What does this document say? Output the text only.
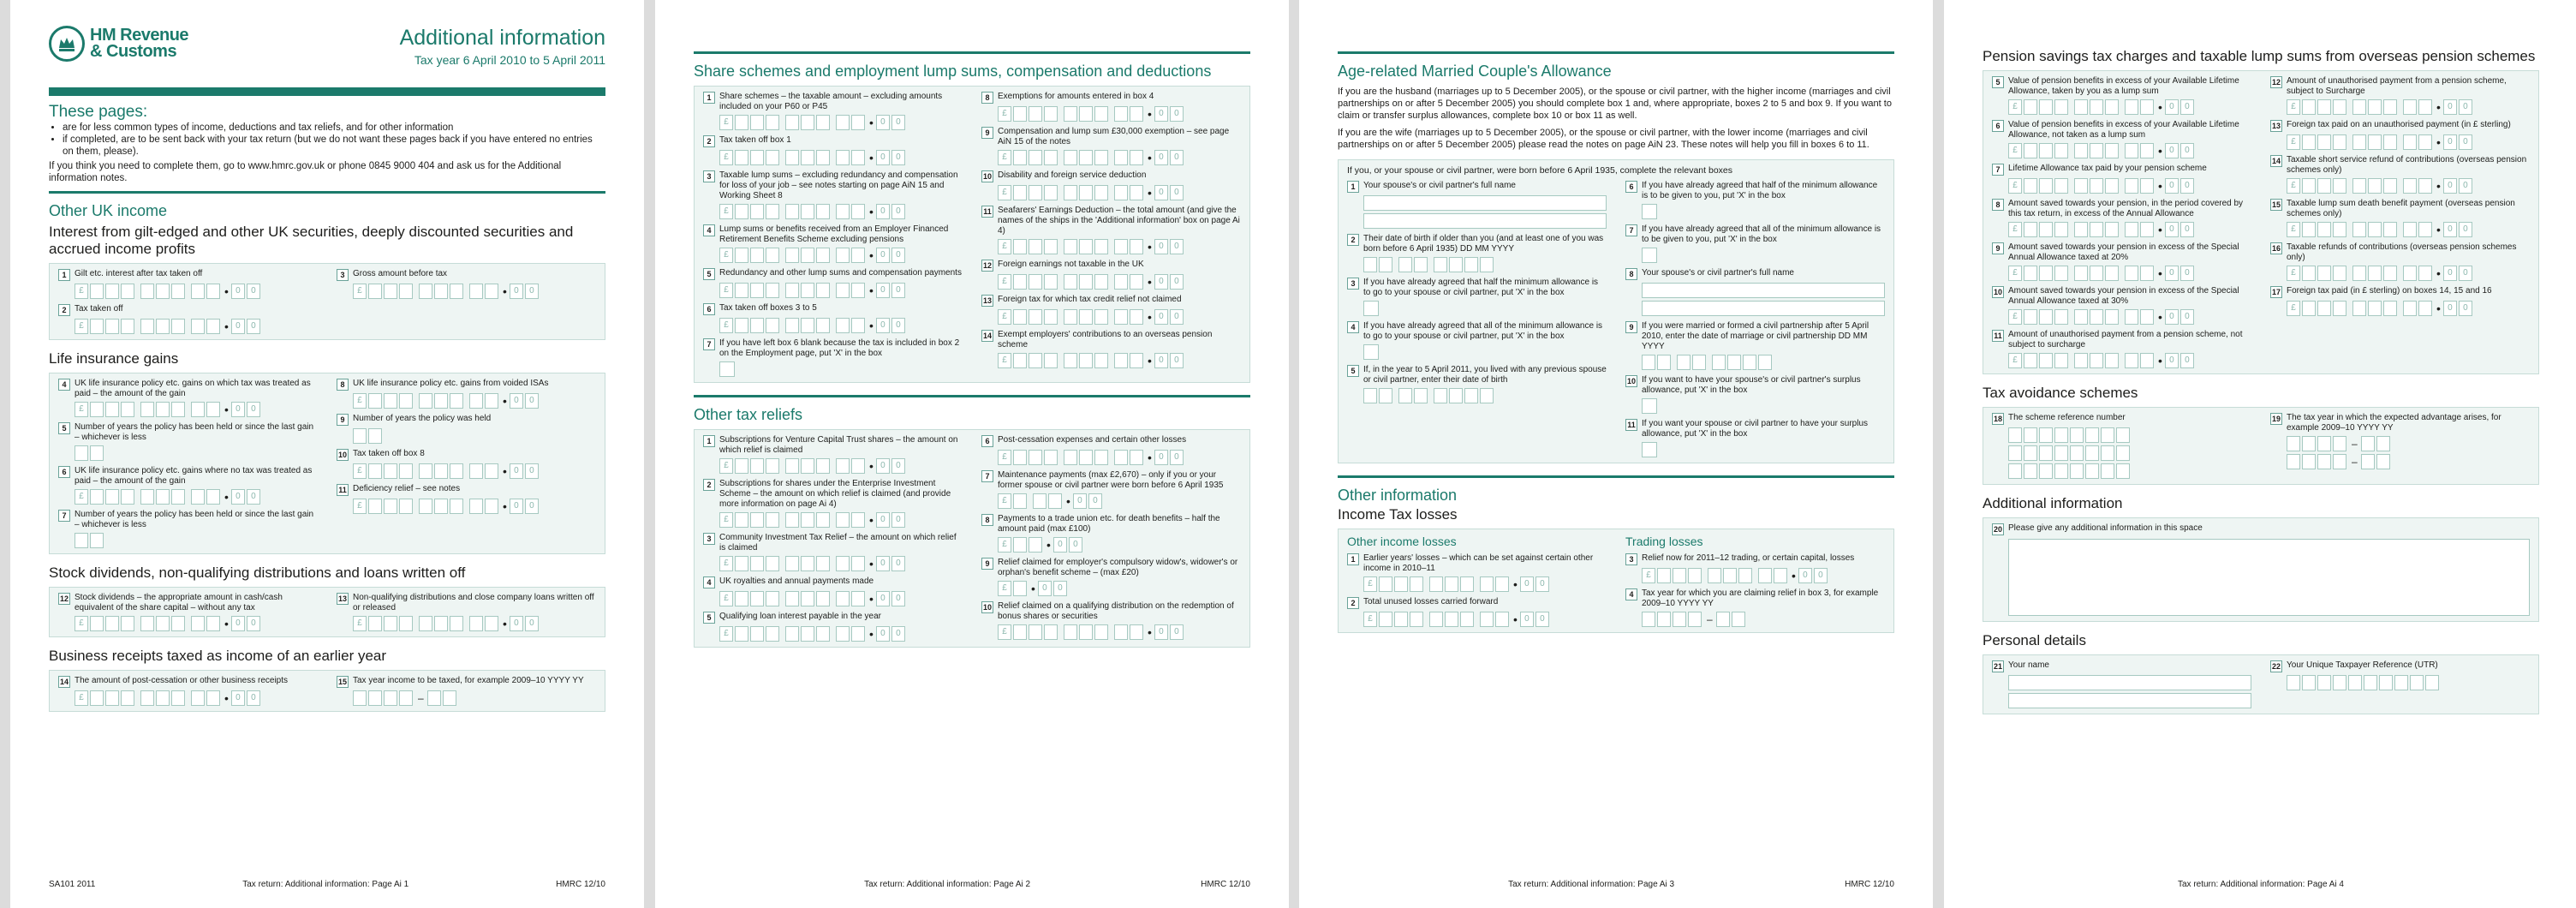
HM Revenue
& Customs
Additional information
Tax year 6 April 2010 to 5 April 2011
These pages:
• are for less common types of income, deductions and tax reliefs, and for other information
• if completed, are to be sent back with your tax return (but we do not want these pages back if you have entered no entries on them, please).

If you think you need to complete them, go to www.hmrc.gov.uk or phone 0845 9000 404 and ask us for the Additional information notes.

Other UK income
Interest from gilt-edged and other UK securities, deeply discounted securities and accrued income profits
1 Gilt etc. interest after tax taken off
£	• 0	0
2 Tax taken off
£	• 0	0
3 Gross amount before tax
£	• 0	0
Life insurance gains
4 UK life insurance policy etc. gains on which tax was treated as paid – the amount of the gain
£	• 0	0
5 Number of years the policy has been held or since the last gain – whichever is less
6 UK life insurance policy etc. gains where no tax was treated as paid – the amount of the gain
£	• 0	0
7 Number of years the policy has been held or since the last gain – whichever is less
8 UK life insurance policy etc. gains from voided ISAs
£	• 0	0
9 Number of years the policy was held
10 Tax taken off box 8
£	• 0	0
11 Deficiency relief – see notes
£	• 0	0
Stock dividends, non-qualifying distributions and loans written off
12 Stock dividends – the appropriate amount in cash/cash equivalent of the share capital – without any tax
£	• 0	0
13 Non-qualifying distributions and close company loans written off or released
£	• 0	0
Business receipts taxed as income of an earlier year
14 The amount of post-cessation or other business receipts
£	• 0	0
15 Tax year income to be taxed, for example 2009–10 YYYY YY
–
SA101 2011	Tax return: Additional information: Page Ai 1	HMRC 12/10
Share schemes and employment lump sums, compensation and deductions
1 Share schemes – the taxable amount – excluding amounts included on your P60 or P45
£	• 0	0
2 Tax taken off box 1
£	• 0	0
3 Taxable lump sums – excluding redundancy and compensation for loss of your job – see notes starting on page AiN 15 and Working Sheet 8
£	• 0	0
4 Lump sums or benefits received from an Employer Financed Retirement Benefits Scheme excluding pensions
£	• 0	0
5 Redundancy and other lump sums and compensation payments
£	• 0	0
6 Tax taken off boxes 3 to 5
£	• 0	0
7 If you have left box 6 blank because the tax is included in box 2 on the Employment page, put 'X' in the box
8 Exemptions for amounts entered in box 4
£	• 0	0
9 Compensation and lump sum £30,000 exemption – see page AiN 15 of the notes
£	• 0	0
10 Disability and foreign service deduction
£	• 0	0
11 Seafarers' Earnings Deduction – the total amount (and give the names of the ships in the 'Additional information' box on page Ai 4)
£	• 0	0
12 Foreign earnings not taxable in the UK
£	• 0	0
13 Foreign tax for which tax credit relief not claimed
£	• 0	0
14 Exempt employers' contributions to an overseas pension scheme
£	• 0	0
Other tax reliefs
1 Subscriptions for Venture Capital Trust shares – the amount on which relief is claimed
£	• 0	0
2 Subscriptions for shares under the Enterprise Investment Scheme – the amount on which relief is claimed (and provide more information on page Ai 4)
£	• 0	0
3 Community Investment Tax Relief – the amount on which relief is claimed
£	• 0	0
4 UK royalties and annual payments made
£	• 0	0
5 Qualifying loan interest payable in the year
£	• 0	0
6 Post-cessation expenses and certain other losses
£	• 0	0
7 Maintenance payments (max £2,670) – only if you or your former spouse or civil partner were born before 6 April 1935
£	• 0	0
8 Payments to a trade union etc. for death benefits – half the amount paid (max £100)
£	• 0	0
9 Relief claimed for employer's compulsory widow's, widower's or orphan's benefit scheme – (max £20)
£	• 0	0
10 Relief claimed on a qualifying distribution on the redemption of bonus shares or securities
£	• 0	0
Tax return: Additional information: Page Ai 2	HMRC 12/10
Age-related Married Couple's Allowance
If you are the husband (marriages up to 5 December 2005), or the spouse or civil partner, with the higher income (marriages and civil partnerships on or after 5 December 2005) you should complete box 1 and, where appropriate, boxes 2 to 5 and box 9. If you want to claim or transfer surplus allowances, complete box 10 or box 11 as well.
If you are the wife (marriages up to 5 December 2005), or the spouse or civil partner, with the lower income (marriages and civil partnerships on or after 5 December 2005) please read the notes on page AiN 23. These notes will help you fill in boxes 6 to 11.
If you, or your spouse or civil partner, were born before 6 April 1935, complete the relevant boxes
1 Your spouse's or civil partner's full name
2 Their date of birth if older than you (and at least one of you was born before 6 April 1935) DD MM YYYY
3 If you have already agreed that half the minimum allowance is to go to your spouse or civil partner, put 'X' in the box
4 If you have already agreed that all of the minimum allowance is to go to your spouse or civil partner, put 'X' in the box
5 If, in the year to 5 April 2011, you lived with any previous spouse or civil partner, enter their date of birth
6 If you have already agreed that half of the minimum allowance is to be given to you, put 'X' in the box
7 If you have already agreed that all of the minimum allowance is to be given to you, put 'X' in the box
8 Your spouse's or civil partner's full name
9 If you were married or formed a civil partnership after 5 April 2010, enter the date of marriage or civil partnership DD MM YYYY
10 If you want to have your spouse's or civil partner's surplus allowance, put 'X' in the box
11 If you want your spouse or civil partner to have your surplus allowance, put 'X' in the box
Other information
Income Tax losses
Other income losses
1 Earlier years' losses – which can be set against certain other income in 2010–11
£	• 0	0
2 Total unused losses carried forward
£	• 0	0
Trading losses
3 Relief now for 2011–12 trading, or certain capital, losses
£	• 0	0
4 Tax year for which you are claiming relief in box 3, for example 2009–10 YYYY YY
–
Tax return: Additional information: Page Ai 3	HMRC 12/10
Pension savings tax charges and taxable lump sums from overseas pension schemes
5 Value of pension benefits in excess of your Available Lifetime Allowance, taken by you as a lump sum
£	• 0	0
6 Value of pension benefits in excess of your Available Lifetime Allowance, not taken as a lump sum
£	• 0	0
7 Lifetime Allowance tax paid by your pension scheme
£	• 0	0
8 Amount saved towards your pension, in the period covered by this tax return, in excess of the Annual Allowance
£	• 0	0
9 Amount saved towards your pension in excess of the Special Annual Allowance taxed at 20%
£	• 0	0
10 Amount saved towards your pension in excess of the Special Annual Allowance taxed at 30%
£	• 0	0
11 Amount of unauthorised payment from a pension scheme, not subject to surcharge
£	• 0	0
12 Amount of unauthorised payment from a pension scheme, subject to Surcharge
£	• 0	0
13 Foreign tax paid on an unauthorised payment (in £ sterling)
£	• 0	0
14 Taxable short service refund of contributions (overseas pension schemes only)
£	• 0	0
15 Taxable lump sum death benefit payment (overseas pension schemes only)
£	• 0	0
16 Taxable refunds of contributions (overseas pension schemes only)
£	• 0	0
17 Foreign tax paid (in £ sterling) on boxes 14, 15 and 16
£	• 0	0
Tax avoidance schemes
18 The scheme reference number	19 The tax year in which the expected advantage arises, for example 2009–10 YYYY YY
–
–
Additional information
20 Please give any additional information in this space
Personal details
21 Your name	22 Your Unique Taxpayer Reference (UTR)
Tax return: Additional information: Page Ai 4
